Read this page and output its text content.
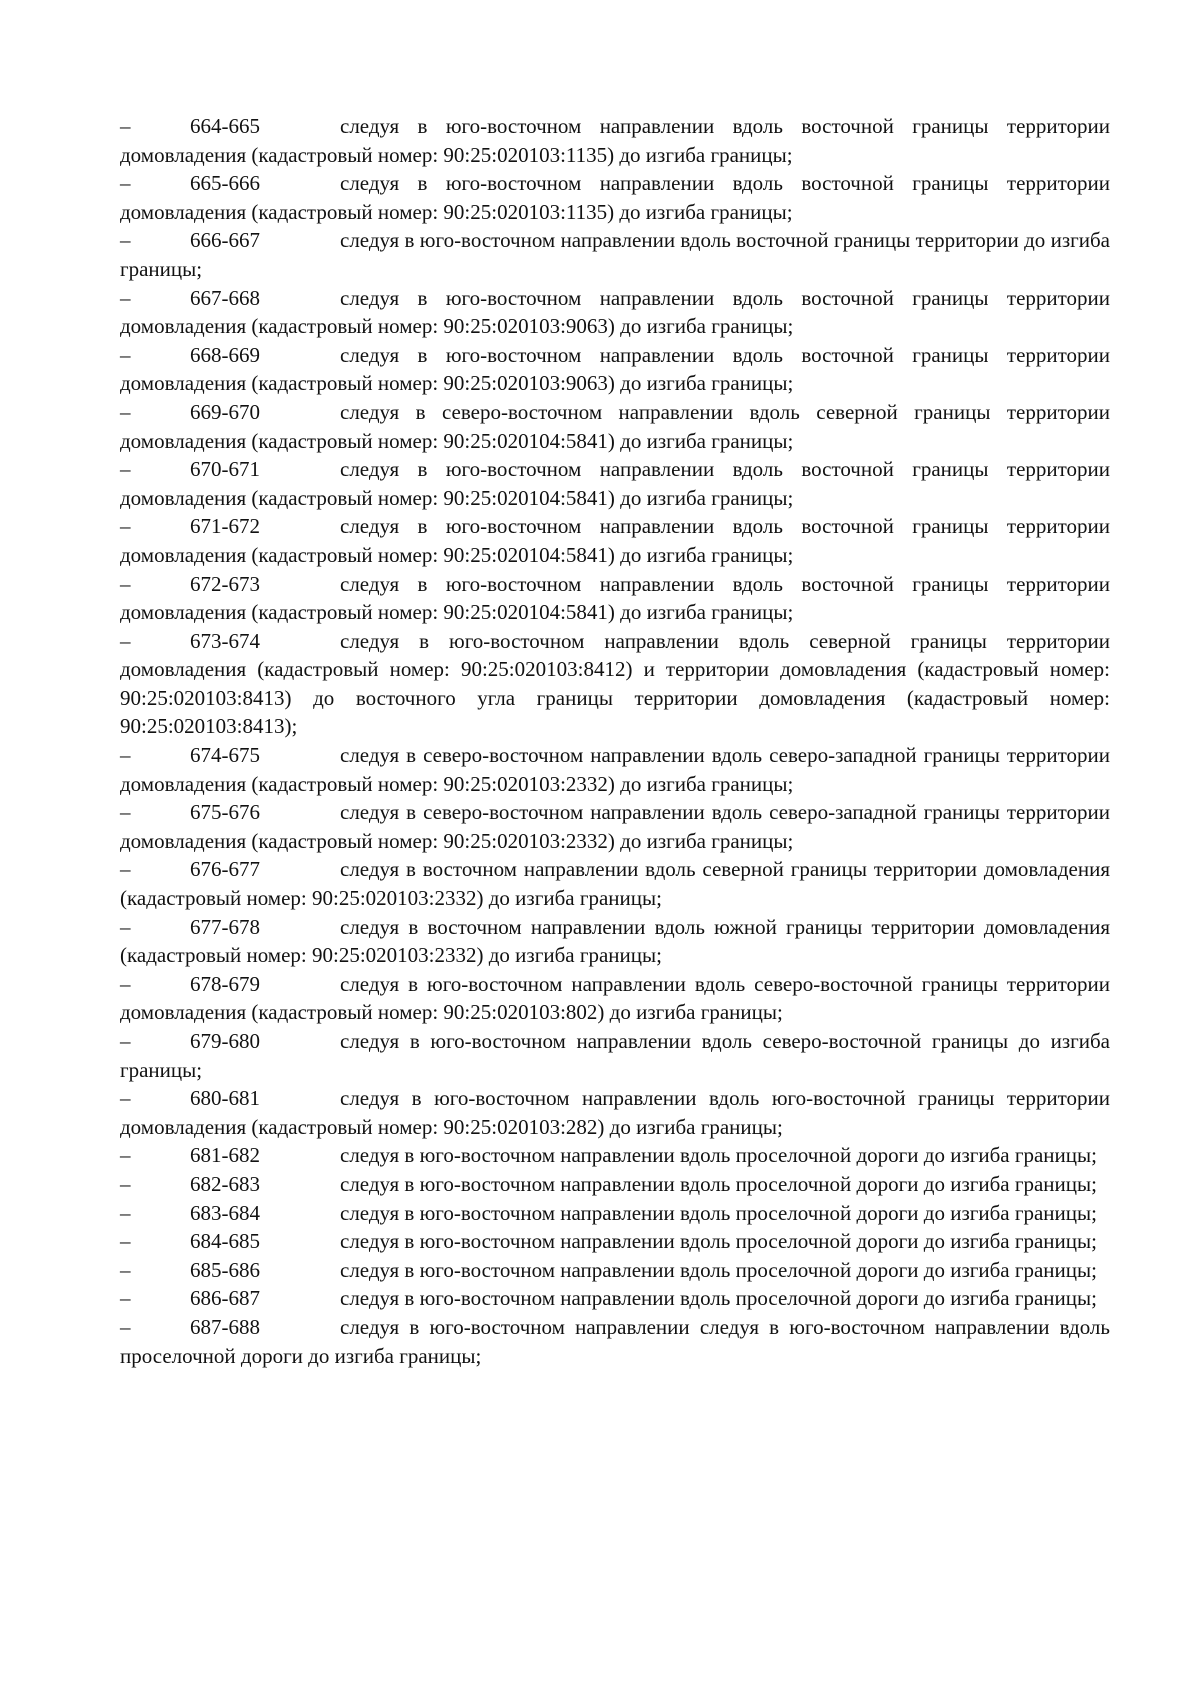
–	664-665	следуя в юго-восточном направлении вдоль восточной границы территории домовладения (кадастровый номер: 90:25:020103:1135) до изгиба границы;

–	665-666	следуя в юго-восточном направлении вдоль восточной границы территории домовладения (кадастровый номер: 90:25:020103:1135) до изгиба границы;

–	666-667	следуя в юго-восточном направлении вдоль восточной границы территории до изгиба границы;

–	667-668	следуя в юго-восточном направлении вдоль восточной границы территории домовладения (кадастровый номер: 90:25:020103:9063) до изгиба границы;

–	668-669	следуя в юго-восточном направлении вдоль восточной границы территории домовладения (кадастровый номер: 90:25:020103:9063) до изгиба границы;

–	669-670	следуя в северо-восточном направлении вдоль северной границы территории домовладения (кадастровый номер: 90:25:020104:5841) до изгиба границы;

–	670-671	следуя в юго-восточном направлении вдоль восточной границы территории домовладения (кадастровый номер: 90:25:020104:5841) до изгиба границы;

–	671-672	следуя в юго-восточном направлении вдоль восточной границы территории домовладения (кадастровый номер: 90:25:020104:5841) до изгиба границы;

–	672-673	следуя в юго-восточном направлении вдоль восточной границы территории домовладения (кадастровый номер: 90:25:020104:5841) до изгиба границы;

–	673-674	следуя в юго-восточном направлении вдоль северной границы территории домовладения (кадастровый номер: 90:25:020103:8412) и территории домовладения (кадастровый номер: 90:25:020103:8413) до восточного угла границы территории домовладения (кадастровый номер: 90:25:020103:8413);

–	674-675	следуя в северо-восточном направлении вдоль северо-западной границы территории домовладения (кадастровый номер: 90:25:020103:2332) до изгиба границы;

–	675-676	следуя в северо-восточном направлении вдоль северо-западной границы территории домовладения (кадастровый номер: 90:25:020103:2332) до изгиба границы;

–	676-677	следуя в восточном направлении вдоль северной границы территории домовладения (кадастровый номер: 90:25:020103:2332) до изгиба границы;

–	677-678	следуя в восточном направлении вдоль южной границы территории домовладения (кадастровый номер: 90:25:020103:2332) до изгиба границы;

–	678-679	следуя в юго-восточном направлении вдоль северо-восточной границы территории домовладения (кадастровый номер: 90:25:020103:802) до изгиба границы;

–	679-680	следуя в юго-восточном направлении вдоль северо-восточной границы до изгиба границы;

–	680-681	следуя в юго-восточном направлении вдоль юго-восточной границы территории домовладения (кадастровый номер: 90:25:020103:282) до изгиба границы;

–	681-682	следуя в юго-восточном направлении вдоль проселочной дороги до изгиба границы;

–	682-683	следуя в юго-восточном направлении вдоль проселочной дороги до изгиба границы;

–	683-684	следуя в юго-восточном направлении вдоль проселочной дороги до изгиба границы;

–	684-685	следуя в юго-восточном направлении вдоль проселочной дороги до изгиба границы;

–	685-686	следуя в юго-восточном направлении вдоль проселочной дороги до изгиба границы;

–	686-687	следуя в юго-восточном направлении вдоль проселочной дороги до изгиба границы;

–	687-688	следуя в юго-восточном направлении следуя в юго-восточном направлении вдоль проселочной дороги до изгиба границы;
